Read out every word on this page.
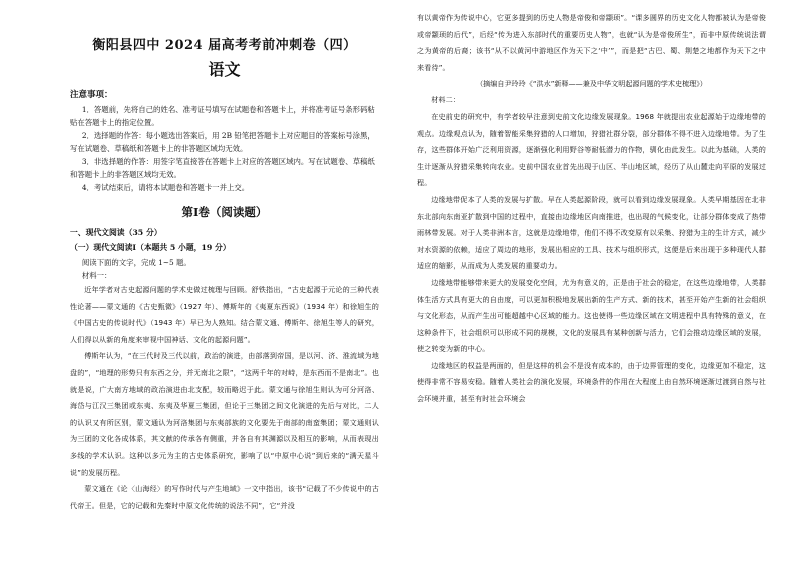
衡阳县四中 2024 届高考考前冲刺卷（四）
语文
注意事项：

1．答题前，先将自己的姓名、准考证号填写在试题卷和答题卡上，并将准考证号条形码粘贴在答题卡上的指定位置。

2．选择题的作答：每小题选出答案后，用 2B 铅笔把答题卡上对应题目的答案标号涂黑，写在试题卷、草稿纸和答题卡上的非答题区域均无效。

3．非选择题的作答：用签字笔直接答在答题卡上对应的答题区域内。写在试题卷、草稿纸和答题卡上的非答题区域均无效。

4．考试结束后，请将本试题卷和答题卡一并上交。

第Ⅰ卷（阅读题）
一、现代文阅读（35 分）
（一）现代文阅读Ⅰ（本题共 5 小题，19 分）

阅读下面的文字，完成 1~5 题。

材料一：

近年学者对古史起源问题的学术史做过梳理与回顾。舒铁指出，“古史起源于元论的三种代表性论著——蒙文通的《古史甄微》（1927 年）、傅斯年的《夷夏东西说》（1934 年）和徐旭生的《中国古史的传说时代》（1943 年）早已为人熟知。结合蒙文通、傅斯年、徐旭生等人的研究，人们得以从新的角度来审视中国神话、文化的起源问题”。

傅斯年认为，“在三代时及三代以前，政治的演进，由部落到帝国，是以河、济、淮流域为地盘的”，“地理的形势只有东西之分，并无南北之限”，“这两千年的对峙，是东西而不是南北”。也就是说，广大南方地域的政治演进由北支配，较而略迟于此。蒙文通与徐旭生则认为可分河洛、海岱与江汉三集团或东夷、东夷及华夏三集团，但论于三集团之间文化演进的先后与对比，二人的认识又有所区别，蒙文通认为河洛集团与东夷部族的文化要先于南部的南蛮集团；蒙文通则认为三团的文化各成体系，其文献的传承各有侧重，并各自有其渊源以及相互的影响，从而表现出多线的学术认识。这种以多元为主的古史体系研究，影响了以“中原中心说”到后来的“满天星斗说”的发展历程。

蒙文通在《论〈山海经〉的写作时代与产生地域》一文中指出，该书“记载了不少传说中的古代帝王。但是，它的记载和先秦时中原文化传统的说法不同”，它“并没

有以黄帝作为传说中心，它更多提到的历史人物是帝俊和帝颛顼”。“课多圆界的历史文化人物都被认为是帝俊或帝颛顼的后代”，后经“传为进入东部时代的重要历史人物”，也就“认为是帝俊所生”，而非中原传统说法谓之为黄帝的后裔；该书“从不以黄河中游地区作为天下之‘中’”，而是把“古巴、蜀、荆楚之地都作为天下之中来看待”。

（摘编自尹玲玲《“洪水”新释——兼及中华文明起源问题的学术史梳理》）

材料二：

在史前史的研究中，有学者较早注意到史前文化边缘发展现象。1968 年就提出农业起源始于边缘地带的观点。边缘观点认为，随着智能采集狩猎的人口增加，狩猎社群分裂，部分群体不得不进入边缘地带。为了生存，这些群体开始广泛利用资源，逐渐强化利用野谷等耐低潜力的作物，驯化由此发生。以此为基础，人类的生计逐渐从狩猎采集转向农业。史前中国农业首先出现于山区、半山地区域，经历了从山麓走向平原的发展过程。

边缘地带促本了人类的发展与扩散。早在人类起源阶段，就可以看到边缘发展现象。人类早期基因在北非东北部向东南亚扩散到中国的过程中，直接由边缘地区向南推进，也出现的气候变化，让部分群体变成了热带雨林带发展。对于人类非洲本言，这就是边缘地带，他们不得不改变原有以采集、狩猎为主的生计方式，减少对水资源的依赖，适应了周边的地形，发展出相应的工具、技术与组织形式，这便是后来出现于多种现代人群适应的缩影，从而成为人类发展的重要动力。

边缘地带能够带来更大的发展变化空间，尤为有意义的，正是由于社会的稳定，在这些边缘地带，人类群体生活方式具有更大的自由度，可以更加积极地发展出新的生产方式、新的技术，甚至开始产生新的社会组织与文化形态，从而产生出可能超越中心区域的能力。这也使得一些边缘区域在文明进程中具有特殊的意义，在这种条件下，社会组织可以形成不同的规模，文化的发展具有某种创新与活力，它们会推动边缘区域的发展，使之转变为新的中心。

边缘地区的权益是两面的，但是这样的机会不是没有成本的，由于边界管理的变化，边缘更加不稳定，这使得非常不容易安稳。随着人类社会的演化发展，环境条件的作用在大程度上由自然环境逐渐过渡到自然与社会环境并重，甚至有时社会环境会
